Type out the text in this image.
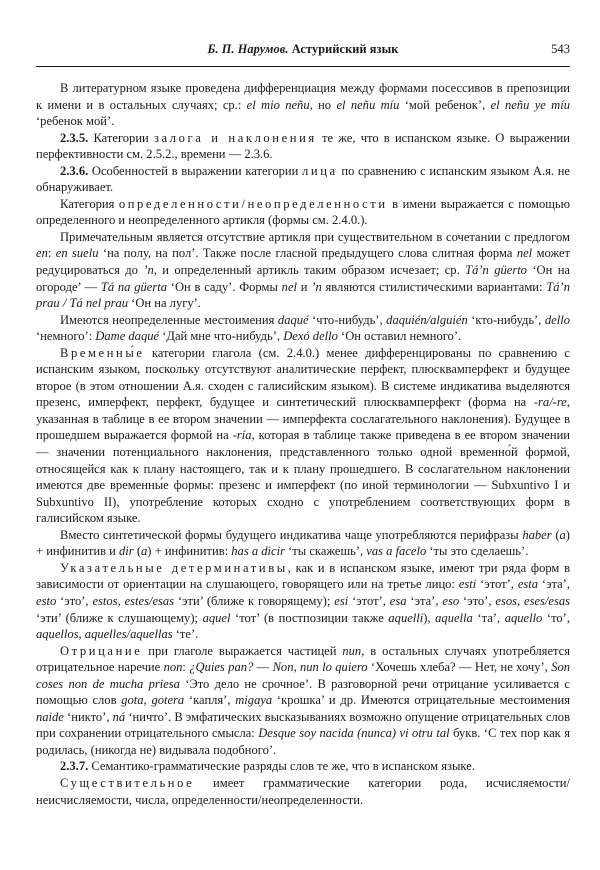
Б. П. Нарумов. Астурийский язык	543

В литературном языке проведена дифференциация между формами посессивов в препозиции к имени и в остальных случаях; ср.: el mio neñu, но el neñu míu ‘мой ребенок’, el neñu ye míu ‘ребенок мой’.

2.3.5. Категории залога и наклонения те же, что в испанском языке. О выражении перфективности см. 2.5.2., времени — 2.3.6.

2.3.6. Особенностей в выражении категории лица по сравнению с испанским языком А.я. не обнаруживает.

Категория определенности/неопределенности в имени выражается с помощью определенного и неопределенного артикля (формы см. 2.4.0.).

Примечательным является отсутствие артикля при существительном в сочетании с предлогом en: en suelu ‘на полу, на пол’. Также после гласной предыдущего слова слитная форма nel может редуцироваться до ’n, и определенный артикль таким образом исчезает; ср. Tá’n güerto ‘Он на огороде’ — Tá na güerta ‘Он в саду’. Формы nel и ’n являются стилистическими вариантами: Tá’n prau / Tá nel prau ‘Он на лугу’.

Имеются неопределенные местоимения daqué ‘что-нибудь’, daquién/alguién ‘кто-нибудь’, dello ‘немного’: Dame daqué ‘Дай мне что-нибудь’, Dexó dello ‘Он оставил немного’.

Временны́е категории глагола (см. 2.4.0.) менее дифференцированы по сравнению с испанским языком, поскольку отсутствуют аналитические перфект, плюсквамперфект и будущее второе (в этом отношении А.я. сходен с галисийским языком). В системе индикатива выделяются презенс, имперфект, перфект, будущее и синтетический плюсквамперфект (форма на -ra/-re, указанная в таблице в ее втором значении — имперфекта сослагательного наклонения). Будущее в прошедшем выражается формой на -ría, которая в таблице также приведена в ее втором значении — значении потенциального наклонения, представленного только одной временно́й формой, относящейся как к плану настоящего, так и к плану прошедшего. В сослагательном наклонении имеются две временны́е формы: презенс и имперфект (по иной терминологии — Subxuntivo I и Subxuntivo II), употребление которых сходно с употреблением соответствующих форм в галисийском языке.

Вместо синтетической формы будущего индикатива чаще употребляются перифразы haber (a) + инфинитив и dir (a) + инфинитив: has a dicir ‘ты скажешь’, vas a facelo ‘ты это сделаешь’.

Указательные детерминативы, как и в испанском языке, имеют три ряда форм в зависимости от ориентации на слушающего, говорящего или на третье лицо: esti ‘этот’, esta ‘эта’, esto ‘это’, estos, estes/esas ‘эти’ (ближе к говорящему); esi ‘этот’, esa ‘эта’, eso ‘это’, esos, eses/esas ‘эти’ (ближе к слушающему); aquel ‘тот’ (в постпозиции также aquelli), aquella ‘та’, aquello ‘то’, aquellos, aquelles/aquellas ‘те’.

Отрицание при глаголе выражается частицей nun, в остальных случаях употребляется отрицательное наречие non: ¿Quies pan? — Non, nun lo quiero ‘Хочешь хлеба? — Нет, не хочу’, Son coses non de mucha priesa ‘Это дело не срочное’. В разговорной речи отрицание усиливается с помощью слов gota, gotera ‘капля’, migaya ‘крошка’ и др. Имеются отрицательные местоимения naide ‘никто’, ná ‘ничто’. В эмфатических высказываниях возможно опущение отрицательных слов при сохранении отрицательного смысла: Desque soy nacida (nunca) vi otru tal букв. ‘С тех пор как я родилась, (никогда не) видывала подобного’.

2.3.7. Семантико-грамматические разряды слов те же, что в испанском языке.

Существительное имеет грамматические категории рода, исчисляемости/неисчисляемости, числа, определенности/неопределенности.
